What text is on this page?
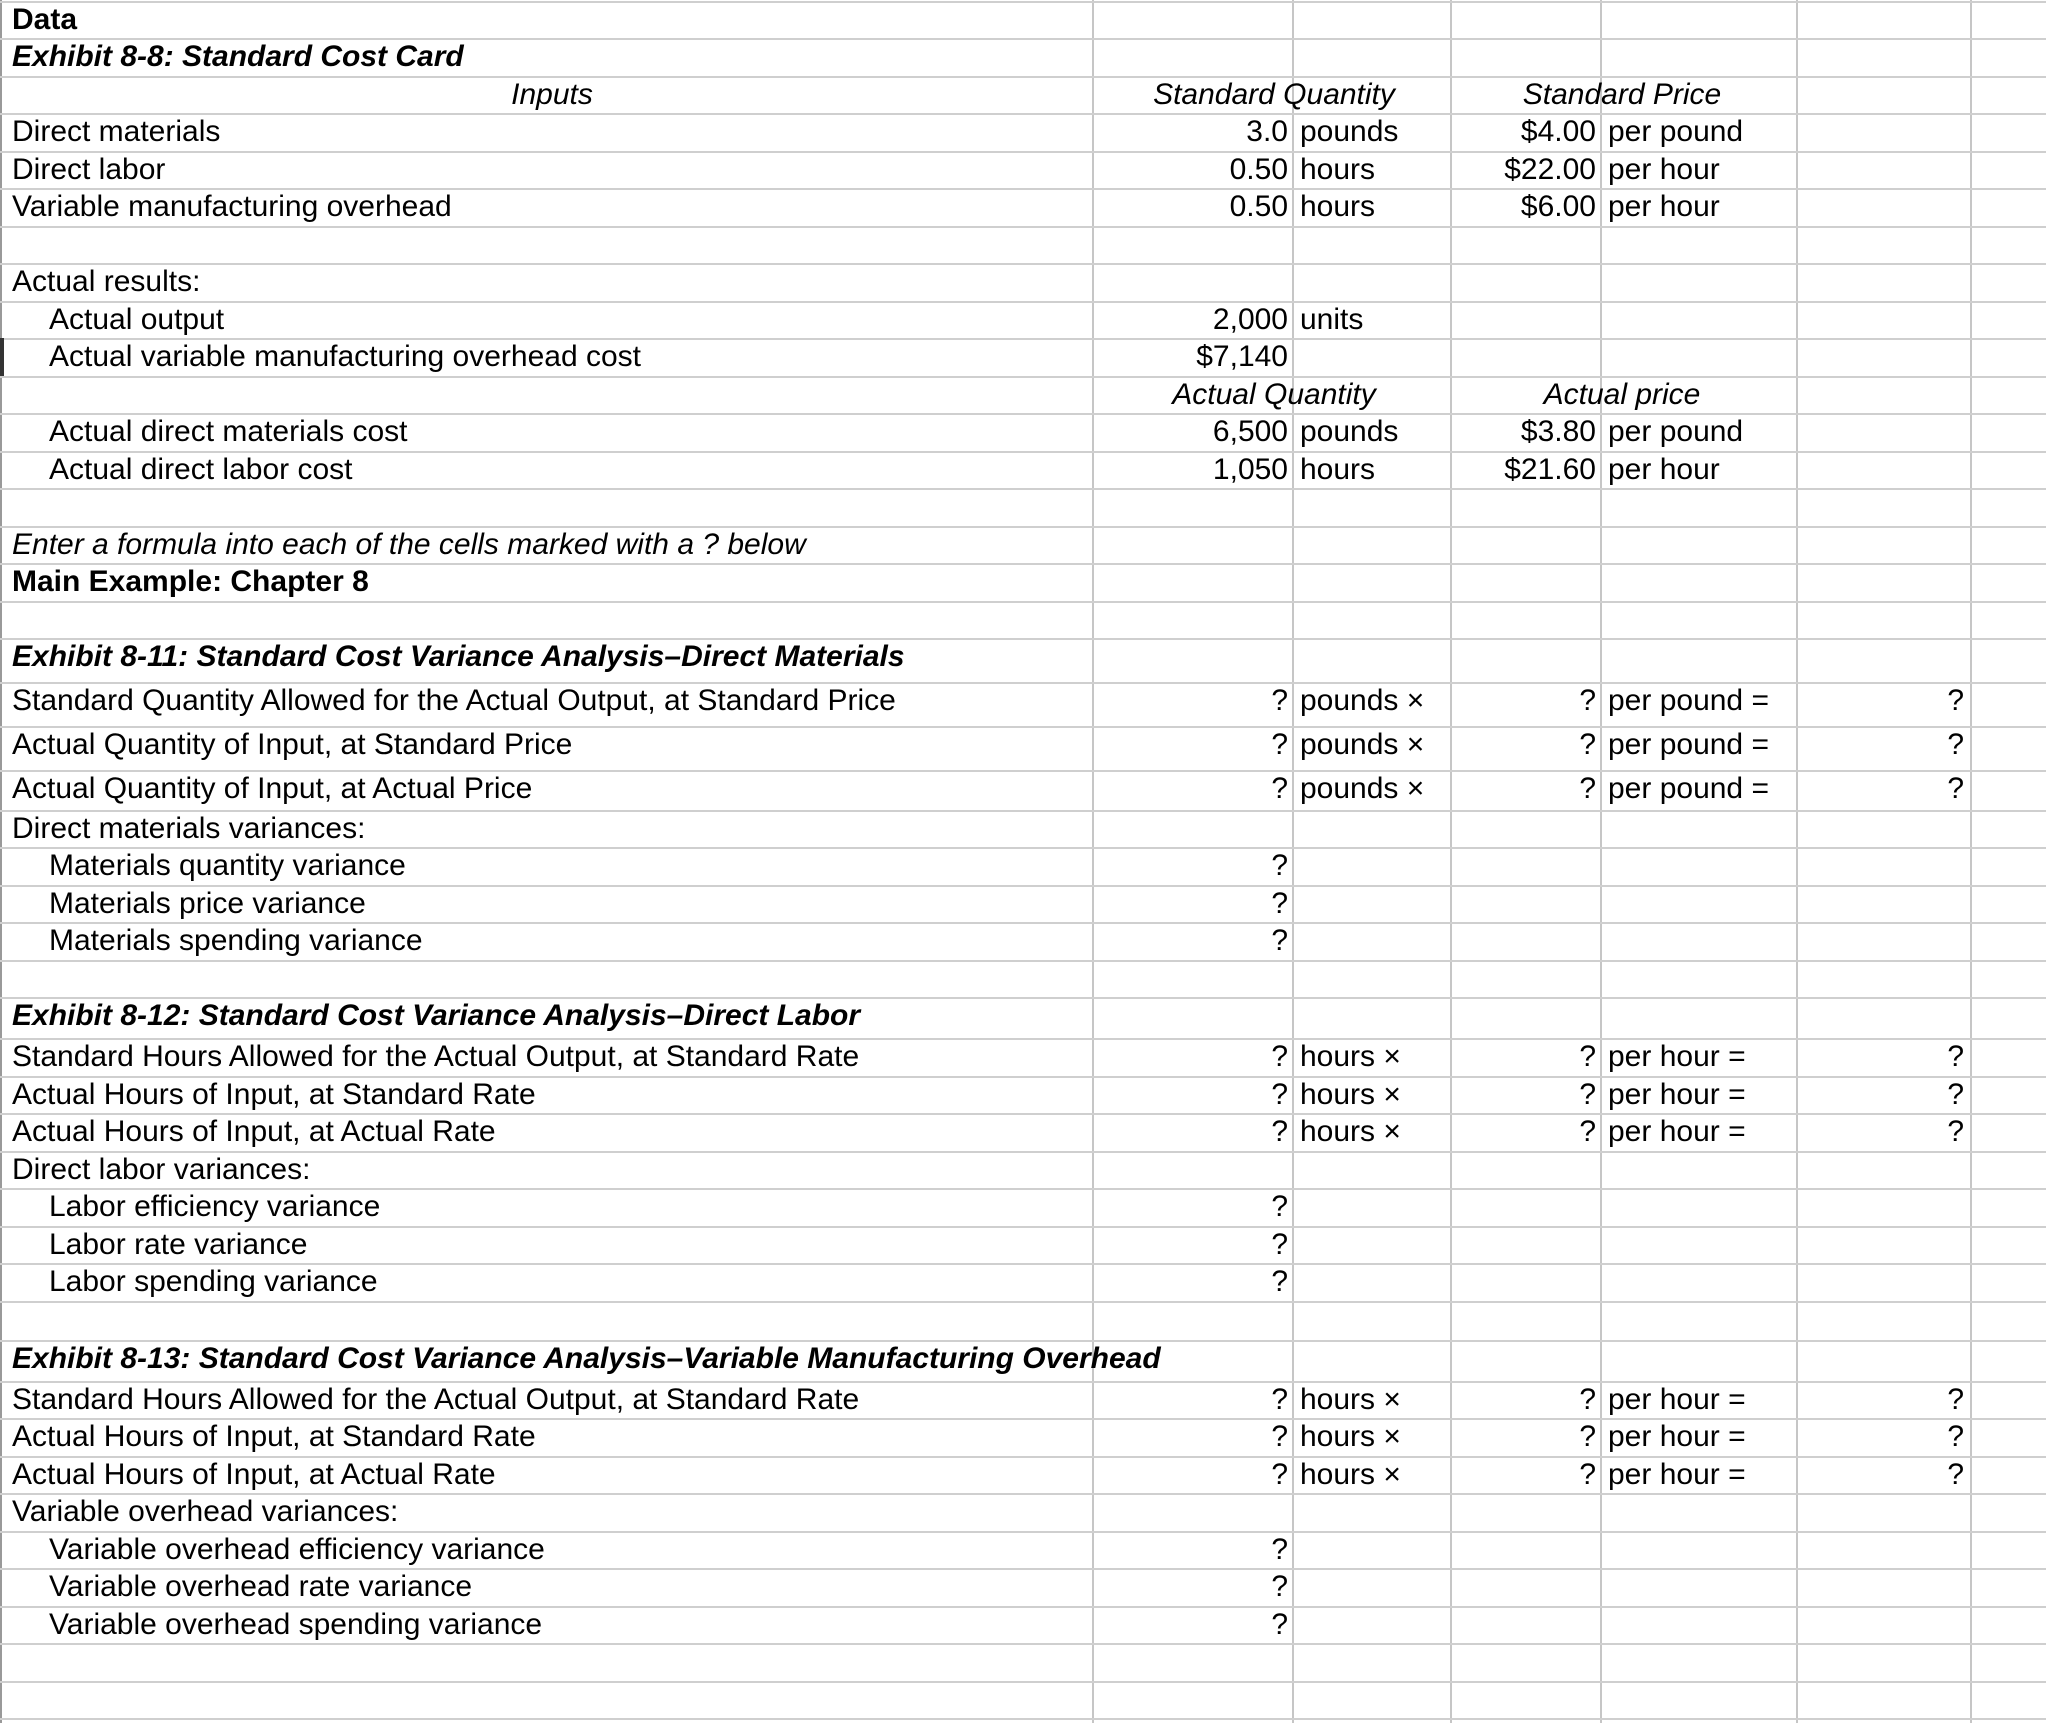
Data
Exhibit 8-8: Standard Cost Card
Inputs	Standard Quantity	Standard Price
Direct materials	3.0 pounds	$4.00 per pound
Direct labor	0.50 hours	$22.00 per hour
Variable manufacturing overhead	0.50 hours	$6.00 per hour
Actual results:
Actual output	2,000 units
Actual variable manufacturing overhead cost	$7,140
Actual Quantity	Actual price
Actual direct materials cost	6,500 pounds	$3.80 per pound
Actual direct labor cost	1,050 hours	$21.60 per hour
Enter a formula into each of the cells marked with a ? below
Main Example: Chapter 8
Exhibit 8-11: Standard Cost Variance Analysis–Direct Materials
Standard Quantity Allowed for the Actual Output, at Standard Price	? pounds ×	? per pound =	?
Actual Quantity of Input, at Standard Price	? pounds ×	? per pound =	?
Actual Quantity of Input, at Actual Price	? pounds ×	? per pound =	?
Direct materials variances:
Materials quantity variance	?
Materials price variance	?
Materials spending variance	?
Exhibit 8-12: Standard Cost Variance Analysis–Direct Labor
Standard Hours Allowed for the Actual Output, at Standard Rate	? hours ×	? per hour =	?
Actual Hours of Input, at Standard Rate	? hours ×	? per hour =	?
Actual Hours of Input, at Actual Rate	? hours ×	? per hour =	?
Direct labor variances:
Labor efficiency variance	?
Labor rate variance	?
Labor spending variance	?
Exhibit 8-13: Standard Cost Variance Analysis–Variable Manufacturing Overhead
Standard Hours Allowed for the Actual Output, at Standard Rate	? hours ×	? per hour =	?
Actual Hours of Input, at Standard Rate	? hours ×	? per hour =	?
Actual Hours of Input, at Actual Rate	? hours ×	? per hour =	?
Variable overhead variances:
Variable overhead efficiency variance	?
Variable overhead rate variance	?
Variable overhead spending variance	?
